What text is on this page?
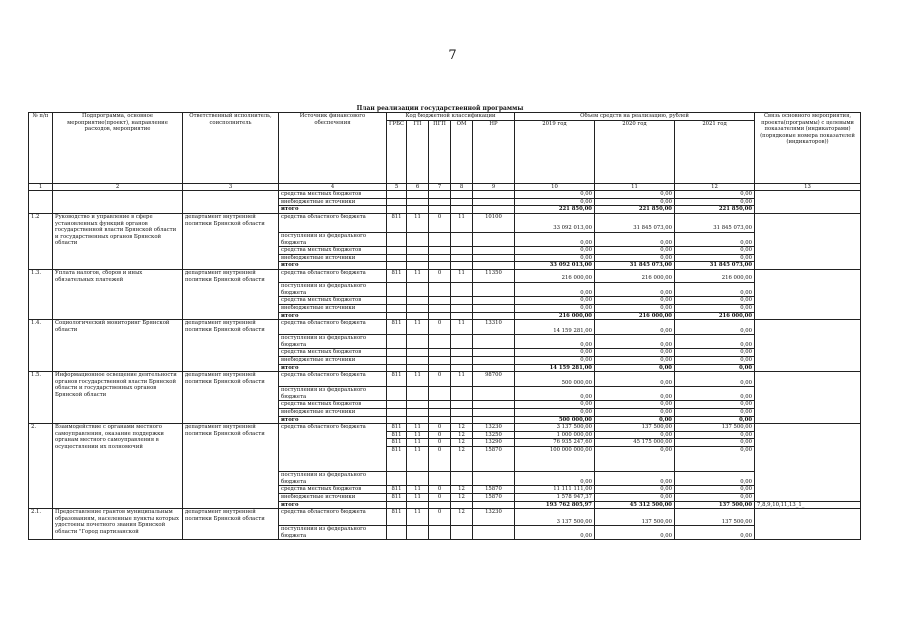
7
План реализации государственной программы
№ п/п	Подпрограмма, основное мероприятие(проект), направление расходов, мероприятие	Ответственный исполнитель, соисполнитель	Источник финансового обеспечения	Код бюджетной классификации					Объем средств на реализацию, рублей			Связь основного мероприятия, проекта(программы) с целевыми показателями (индикаторами) (порядковые номера показателей (индикаторов))
				ГРБС	ГП	ПГП	ОМ	НР	2019 год	2020 год	2021 год	
1	2	3	4	5	6	7	8	9	10	11	12	13
			средства местных бюджетов						0,00	0,00	0,00	
			внебюджетные источники						0,00	0,00	0,00	
			итого						221 850,00	221 850,00	221 850,00	
1.2	Руководство и управление в сфере установленных функций органов государственной власти Брянской области и государственных органов Брянской области	департамент внутренней политики Брянской области	средства областного бюджета	811	11	0	11	10100	33 092 013,00	31 845 073,00	31 845 073,00	
			поступления из федерального бюджета						0,00	0,00	0,00	
			средства местных бюджетов						0,00	0,00	0,00	
			внебюджетные источники						0,00	0,00	0,00	
			итого						33 092 013,00	31 845 073,00	31 845 073,00	
1.3.	Уплата налогов, сборов и иных обязательных платежей	департамент внутренней политики Брянской области	средства областного бюджета	811	11	0	11	11350	216 000,00	216 000,00	216 000,00	
			поступления из федерального бюджета						0,00	0,00	0,00	
			средства местных бюджетов						0,00	0,00	0,00	
			внебюджетные источники						0,00	0,00	0,00	
			итого						216 000,00	216 000,00	216 000,00	
1.4.	Социологический мониторинг Брянской области	департамент внутренней политики Брянской области	средства областного бюджета	811	11	0	11	13310	14 159 281,00	0,00	0,00	
			поступления из федерального бюджета						0,00	0,00	0,00	
			средства местных бюджетов						0,00	0,00	0,00	
			внебюджетные источники						0,00	0,00	0,00	
			итого						14 159 281,00	0,00	0,00	
1.5.	Информационное освещение деятельности органов государственной власти Брянской области и государственных органов Брянской области	департамент внутренней политики Брянской области	средства областного бюджета	811	11	0	11	98700	500 000,00	0,00	0,00	
			поступления из федерального бюджета						0,00	0,00	0,00	
			средства местных бюджетов						0,00	0,00	0,00	
			внебюджетные источники						0,00	0,00	0,00	
			итого						500 000,00	0,00	0,00	
2.	Взаимодействие с органами местного самоуправления, оказание поддержки органам местного самоуправления в осуществлении их полномочий	департамент внутренней политики Брянской области	средства областного бюджета	811	11	0	12	13230	3 137 500,00	137 500,00	137 500,00	
				811	11	0	12	13250	1 000 000,00	0,00	0,00	
				811	11	0	12	13290	76 935 247,60	45 175 000,00	0,00	
				811	11	0	12	15870	100 000 000,00	0,00	0,00	
			поступления из федерального бюджета						0,00	0,00	0,00	
			средства местных бюджетов	811	11	0	12	15870	11 111 111,00	0,00	0,00	
			внебюджетные источники	811	11	0	12	15870	1 578 947,37	0,00	0,00	
			итого						193 762 805,97	45 312 500,00	137 500,00	7,8,9,10,11,13_1_
2.1.	Предоставление грантов муниципальным образованиям, населенные пункты которых удостоены почетного звания Брянской области "Город партизанской	департамент внутренней политики Брянской области	средства областного бюджета	811	11	0	12	13230	3 137 500,00	137 500,00	137 500,00	
			поступления из федерального бюджета						0,00	0,00	0,00	
